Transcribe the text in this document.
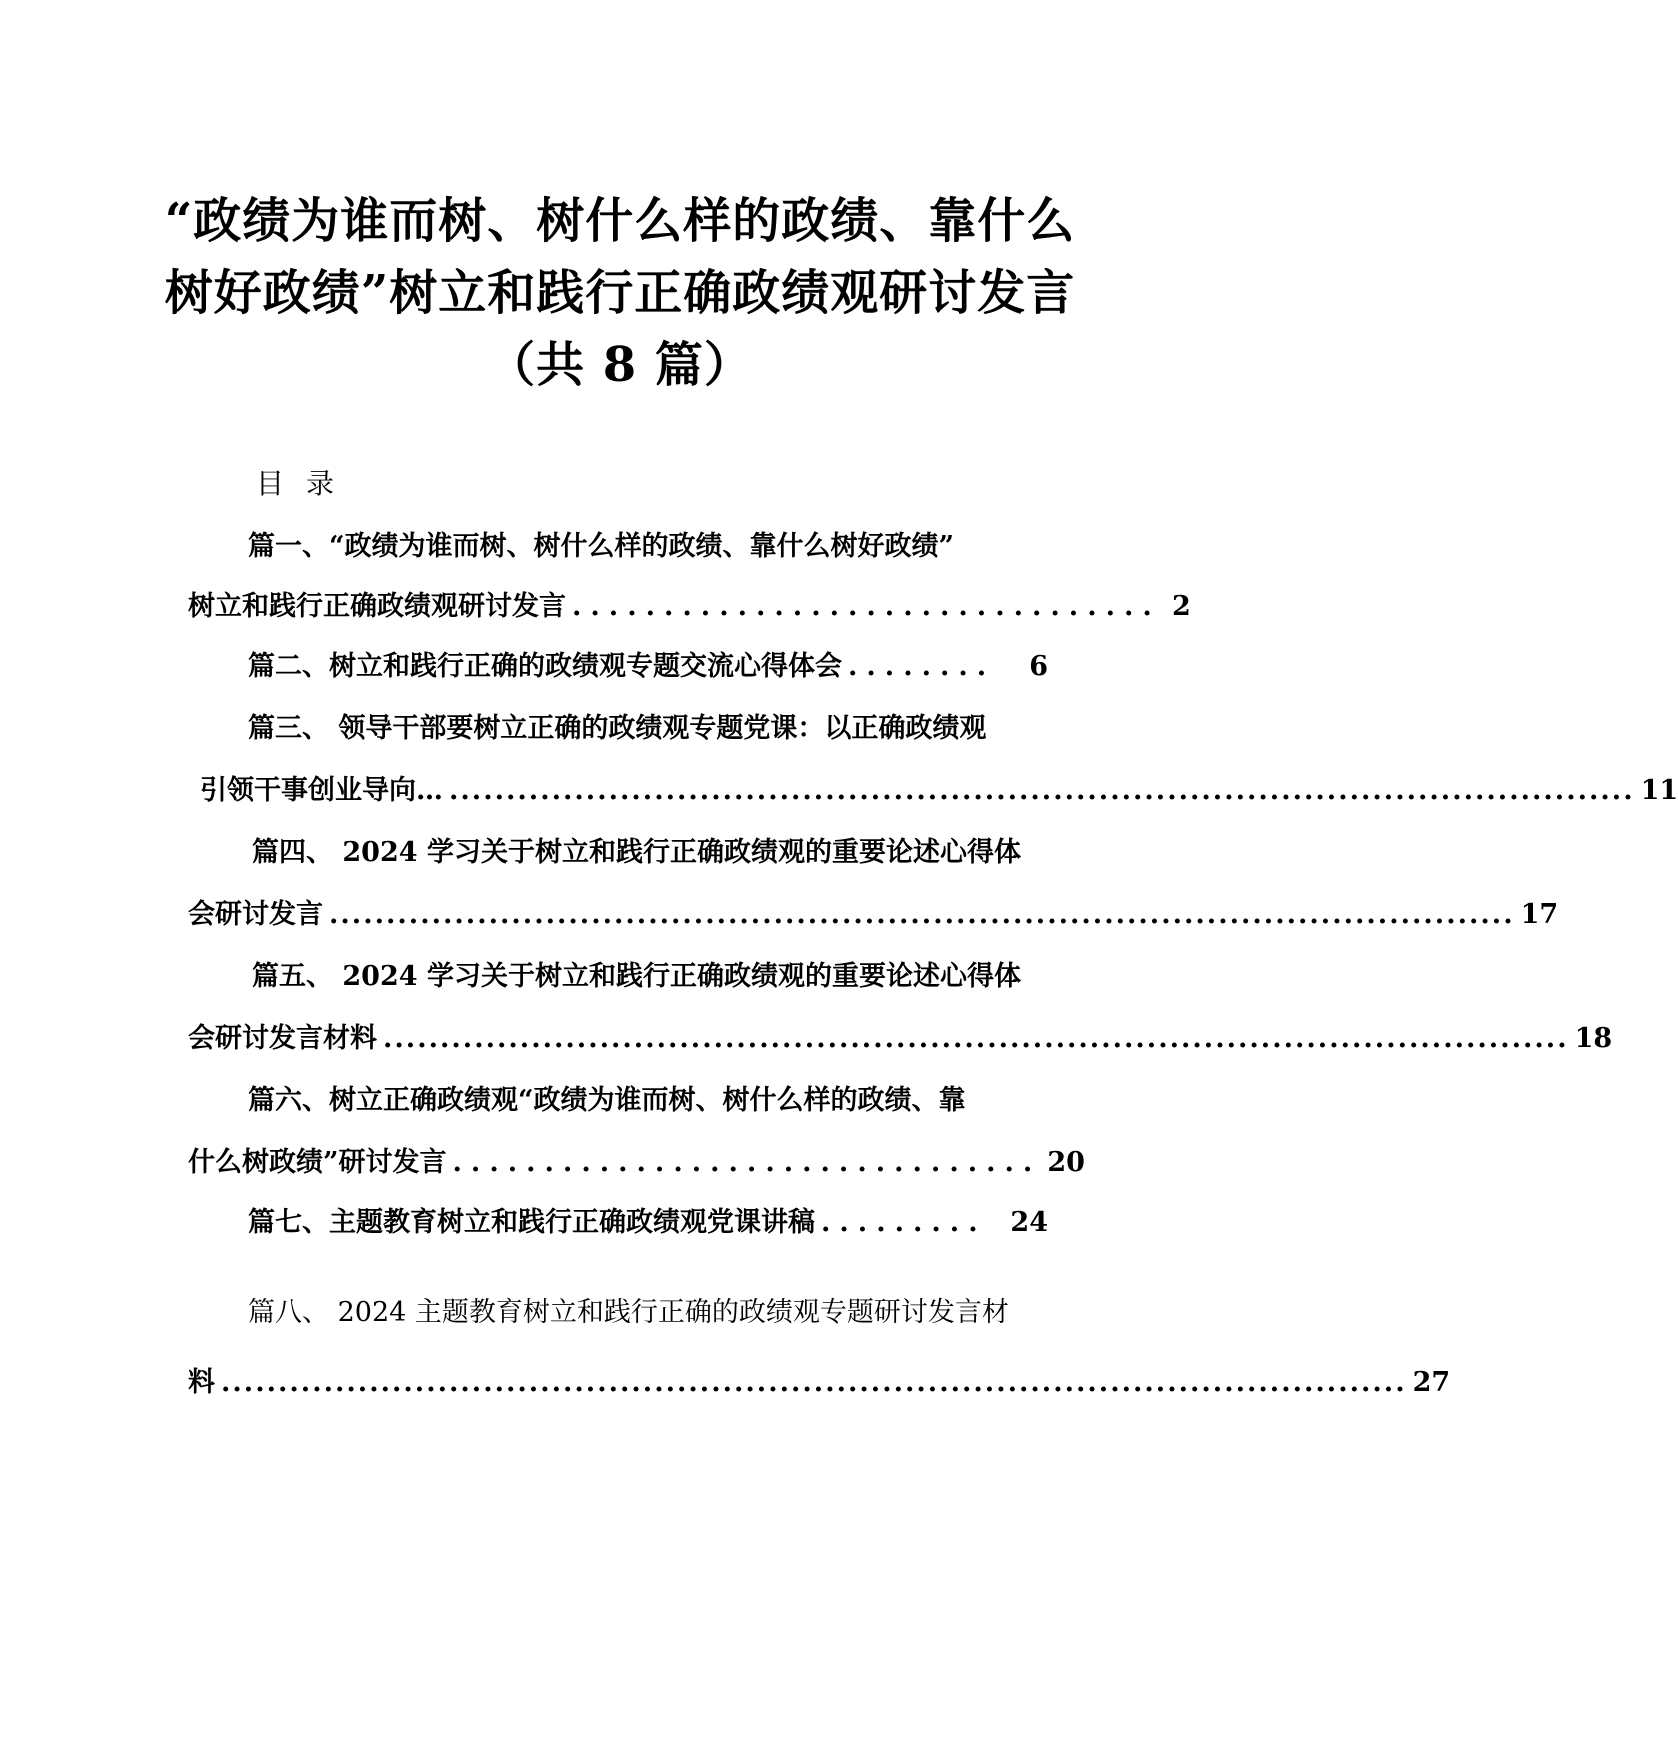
“政绩为谁而树、树什么样的政绩、靠什么
树好政绩”树立和践行正确政绩观研讨发言
（共 8 篇）
目录
篇一、“政绩为谁而树、树什么样的政绩、靠什么树好政绩”
树立和践行正确政绩观研讨发言 ................................ 2
篇二、树立和践行正确的政绩观专题交流心得体会 ........	6
篇三、 领导干部要树立正确的政绩观专题党课：以正确政绩观
引领干事创业导向… ........................................................................................................ 11
篇四、 2024 学习关于树立和践行正确政绩观的重要论述心得体
会研讨发言 ........................................................................................................ 17
篇五、 2024 学习关于树立和践行正确政绩观的重要论述心得体
会研讨发言材料 ........................................................................................................ 18
篇六、树立正确政绩观“政绩为谁而树、树什么样的政绩、靠
什么树政绩”研讨发言 ................................ 20
篇七、主题教育树立和践行正确政绩观党课讲稿 ......... 24
篇八、 2024 主题教育树立和践行正确的政绩观专题研讨发言材
料 ........................................................................................................ 27
